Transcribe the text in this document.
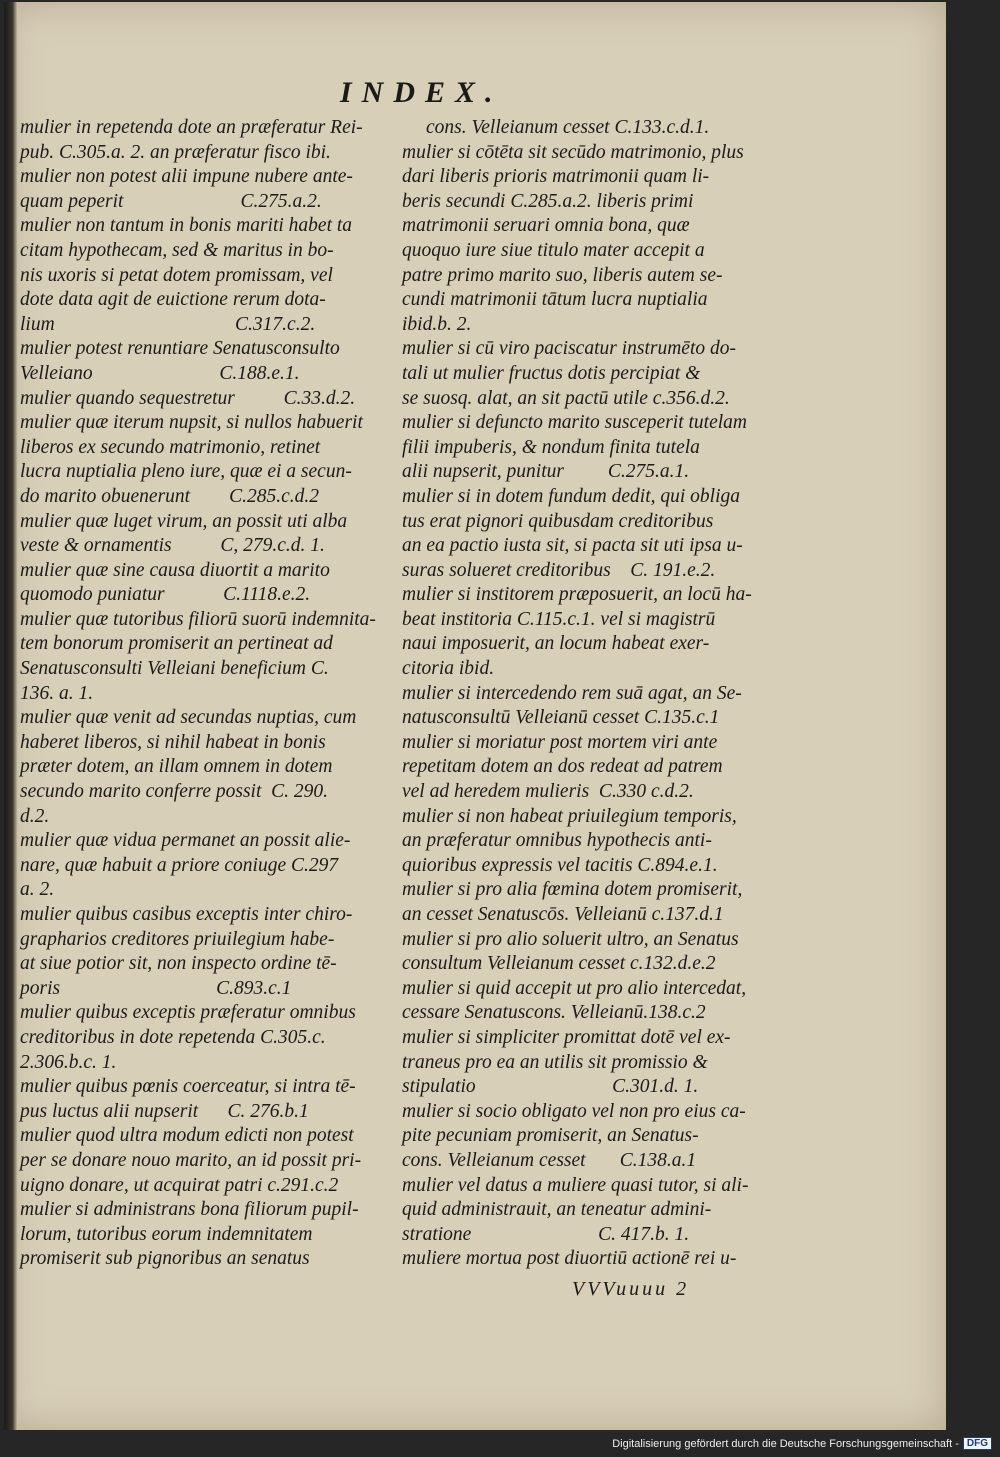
INDEX.
mulier in repetenda dote an præferatur Rei-
pub. C.305.a. 2. an præferatur fisco ibi.
mulier non potest alii impune nubere ante-
quam peperit                        C.275.a.2.
mulier non tantum in bonis mariti habet ta
citam hypothecam, sed & maritus in bo-
nis uxoris si petat dotem promissam, vel
dote data agit de euictione rerum dota-
lium                                     C.317.c.2.
mulier potest renuntiare Senatusconsulto
Velleiano                          C.188.e.1.
mulier quando sequestretur          C.33.d.2.
mulier quæ iterum nupsit, si nullos habuerit
liberos ex secundo matrimonio, retinet
lucra nuptialia pleno iure, quæ ei a secun-
do marito obuenerunt        C.285.c.d.2
mulier quæ luget virum, an possit uti alba
veste & ornamentis          C, 279.c.d. 1.
mulier quæ sine causa diuortit a marito
quomodo puniatur            C.1118.e.2.
mulier quæ tutoribus filiorū suorū indemnita-
tem bonorum promiserit an pertineat ad
Senatusconsulti Velleiani beneficium C.
136. a. 1.
mulier quæ venit ad secundas nuptias, cum
haberet liberos, si nihil habeat in bonis
præter dotem, an illam omnem in dotem
secundo marito conferre possit  C. 290.
d.2.
mulier quæ vidua permanet an possit alie-
nare, quæ habuit a priore coniuge C.297
a. 2.
mulier quibus casibus exceptis inter chiro-
grapharios creditores priuilegium habe-
at siue potior sit, non inspecto ordine tē-
poris                                C.893.c.1
mulier quibus exceptis præferatur omnibus
creditoribus in dote repetenda C.305.c.
2.306.b.c. 1.
mulier quibus pœnis coerceatur, si intra tē-
pus luctus alii nupserit      C. 276.b.1
mulier quod ultra modum edicti non potest
per se donare nouo marito, an id possit pri-
uigno donare, ut acquirat patri c.291.c.2
mulier si administrans bona filiorum pupil-
lorum, tutoribus eorum indemnitatem
promiserit sub pignoribus an senatus
cons. Velleianum cesset C.133.c.d.1.
mulier si cōtēta sit secūdo matrimonio, plus
dari liberis prioris matrimonii quam li-
beris secundi C.285.a.2. liberis primi
matrimonii seruari omnia bona, quæ
quoquo iure siue titulo mater accepit a
patre primo marito suo, liberis autem se-
cundi matrimonii tātum lucra nuptialia
ibid.b. 2.
mulier si cū viro paciscatur instrumēto do-
tali ut mulier fructus dotis percipiat &
se suosq. alat, an sit pactū utile c.356.d.2.
mulier si defuncto marito susceperit tutelam
filii impuberis, & nondum finita tutela
alii nupserit, punitur         C.275.a.1.
mulier si in dotem fundum dedit, qui obliga
tus erat pignori quibusdam creditoribus
an ea pactio iusta sit, si pacta sit uti ipsa u-
suras solueret creditoribus    C. 191.e.2.
mulier si institorem præposuerit, an locū ha-
beat institoria C.115.c.1. vel si magistrū
naui imposuerit, an locum habeat exer-
citoria ibid.
mulier si intercedendo rem suā agat, an Se-
natusconsultū Velleianū cesset C.135.c.1
mulier si moriatur post mortem viri ante
repetitam dotem an dos redeat ad patrem
vel ad heredem mulieris  C.330 c.d.2.
mulier si non habeat priuilegium temporis,
an præferatur omnibus hypothecis anti-
quioribus expressis vel tacitis C.894.e.1.
mulier si pro alia fœmina dotem promiserit,
an cesset Senatuscōs. Velleianū c.137.d.1
mulier si pro alio soluerit ultro, an Senatus
consultum Velleianum cesset c.132.d.e.2
mulier si quid accepit ut pro alio intercedat,
cessare Senatuscons. Velleianū.138.c.2
mulier si simpliciter promittat dotē vel ex-
traneus pro ea an utilis sit promissio &
stipulatio                            C.301.d. 1.
mulier si socio obligato vel non pro eius ca-
pite pecuniam promiserit, an Senatus-
cons. Velleianum cesset       C.138.a.1
mulier vel datus a muliere quasi tutor, si ali-
quid administrauit, an teneatur admini-
stratione                          C. 417.b. 1.
muliere mortua post diuortiū actionē rei u-
VVVuuuu 2
Digitalisierung gefördert durch die Deutsche Forschungsgemeinschaft - DFG
